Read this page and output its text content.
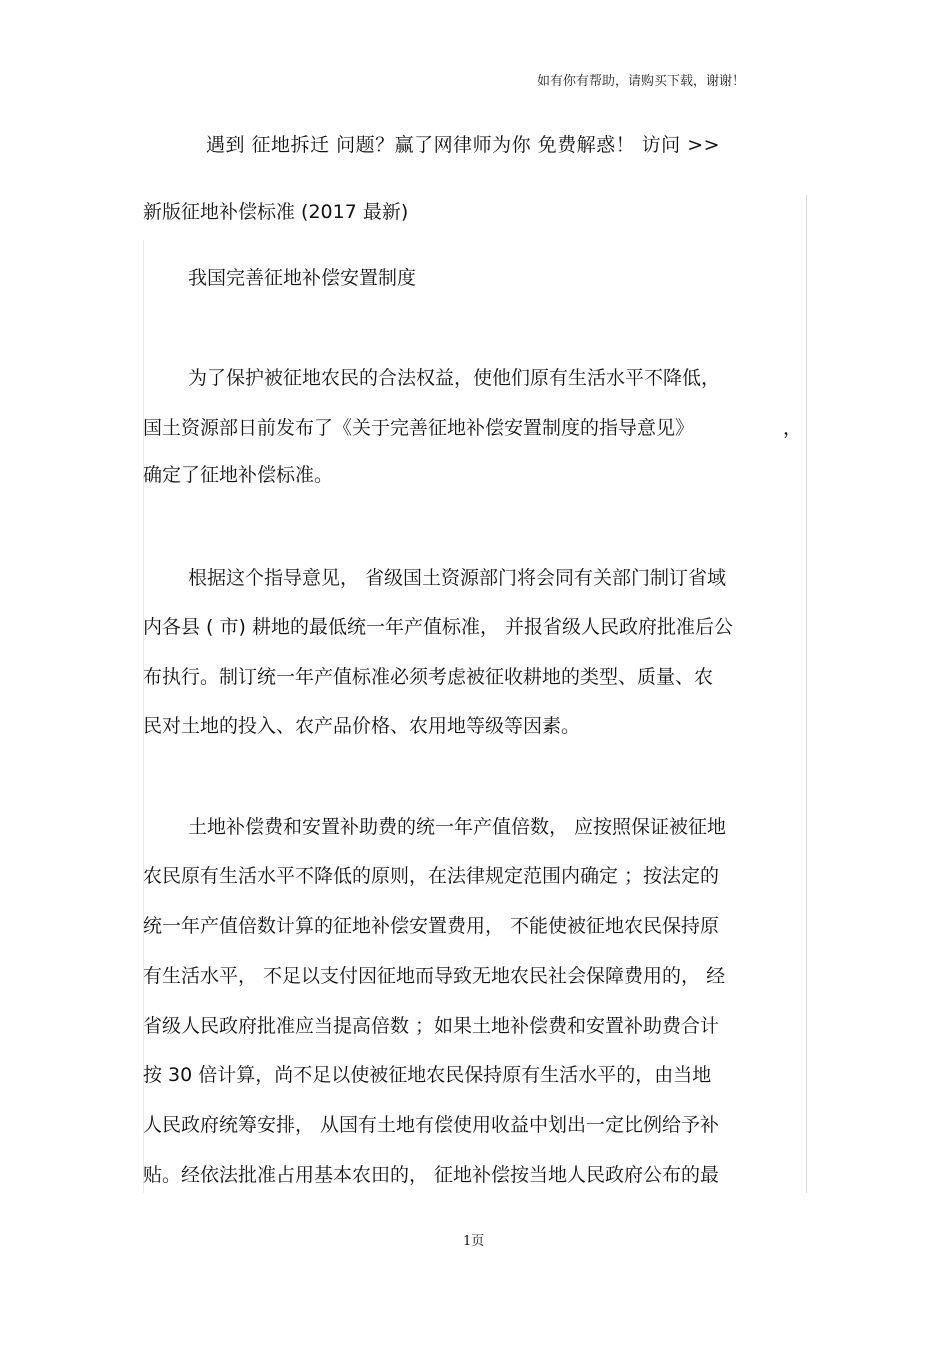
如有你有帮助，请购买下载，谢谢！
遇到 征地拆迁 问题？赢了网律师为你 免费解惑！ 访问 >>
新版征地补偿标准 (2017 最新)
我国完善征地补偿安置制度
为了保护被征地农民的合法权益，使他们原有生活水平不降低，
国土资源部日前发布了《关于完善征地补偿安置制度的指导意见》	，
确定了征地补偿标准。
根据这个指导意见， 省级国土资源部门将会同有关部门制订省域
内各县 ( 市) 耕地的最低统一年产值标准， 并报省级人民政府批准后公
布执行。制订统一年产值标准必须考虑被征收耕地的类型、质量、农
民对土地的投入、农产品价格、农用地等级等因素。
土地补偿费和安置补助费的统一年产值倍数， 应按照保证被征地
农民原有生活水平不降低的原则，在法律规定范围内确定 ；按法定的
统一年产值倍数计算的征地补偿安置费用， 不能使被征地农民保持原
有生活水平， 不足以支付因征地而导致无地农民社会保障费用的， 经
省级人民政府批准应当提高倍数 ；如果土地补偿费和安置补助费合计
按 30 倍计算，尚不足以使被征地农民保持原有生活水平的，由当地
人民政府统筹安排， 从国有土地有偿使用收益中划出一定比例给予补
贴。经依法批准占用基本农田的， 征地补偿按当地人民政府公布的最
1页
